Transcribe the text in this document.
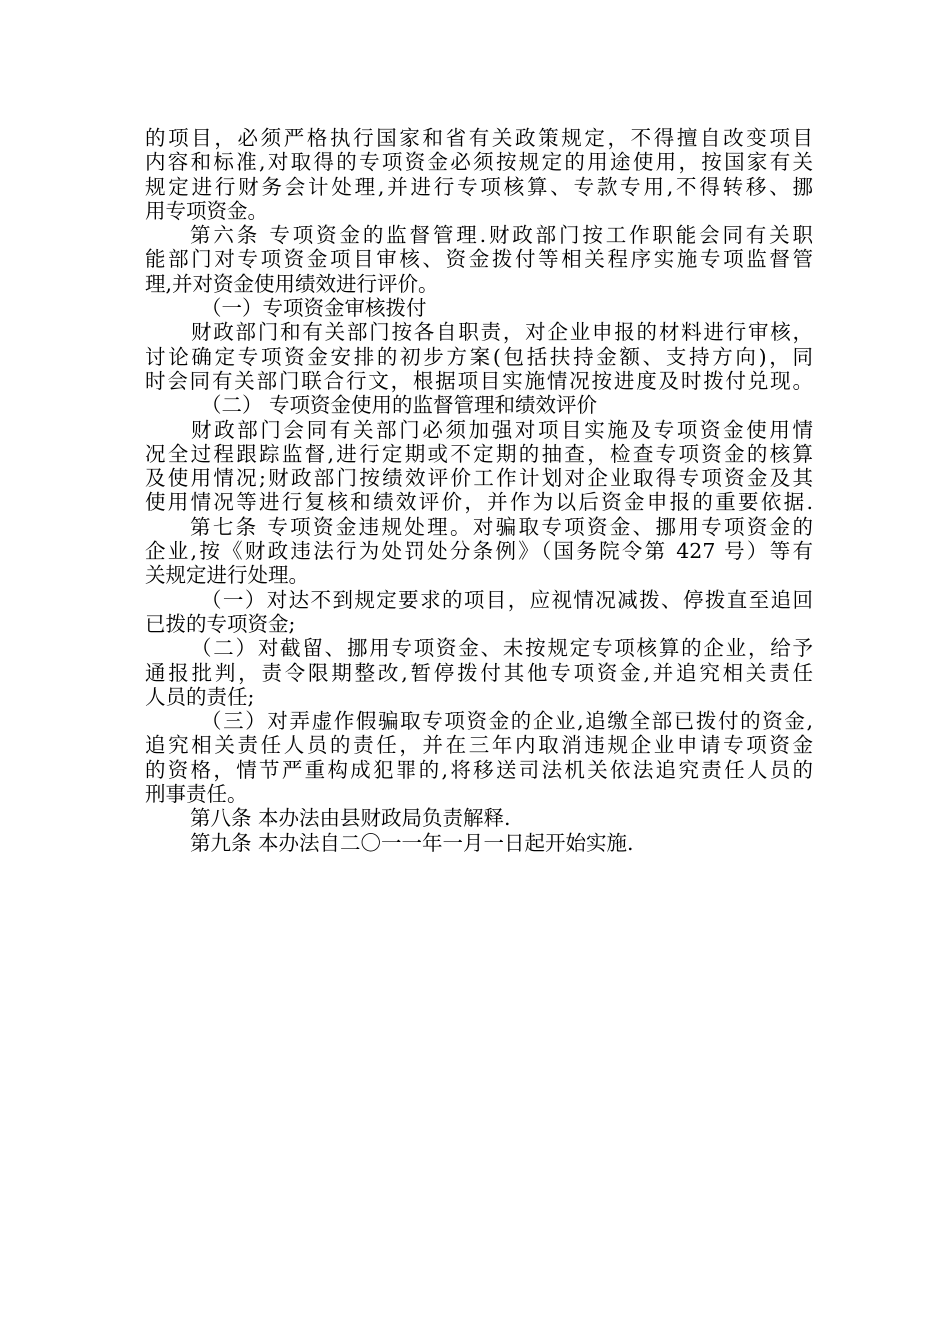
的项目，必须严格执行国家和省有关政策规定，不得擅自改变项目
内容和标准,对取得的专项资金必须按规定的用途使用，按国家有关
规定进行财务会计处理,并进行专项核算、专款专用,不得转移、挪
用专项资金。
第六条 专项资金的监督管理.财政部门按工作职能会同有关职
能部门对专项资金项目审核、资金拨付等相关程序实施专项监督管
理,并对资金使用绩效进行评价。
（一）专项资金审核拨付
财政部门和有关部门按各自职责，对企业申报的材料进行审核，
讨论确定专项资金安排的初步方案(包括扶持金额、支持方向)，同
时会同有关部门联合行文，根据项目实施情况按进度及时拨付兑现。
（二） 专项资金使用的监督管理和绩效评价
财政部门会同有关部门必须加强对项目实施及专项资金使用情
况全过程跟踪监督,进行定期或不定期的抽查，检查专项资金的核算
及使用情况;财政部门按绩效评价工作计划对企业取得专项资金及其
使用情况等进行复核和绩效评价，并作为以后资金申报的重要依据.
第七条 专项资金违规处理。对骗取专项资金、挪用专项资金的
企业,按《财政违法行为处罚处分条例》（国务院令第 427 号）等有
关规定进行处理。
（一）对达不到规定要求的项目，应视情况减拨、停拨直至追回
已拨的专项资金;
（二）对截留、挪用专项资金、未按规定专项核算的企业，给予
通报批判，责令限期整改,暂停拨付其他专项资金,并追究相关责任
人员的责任;
（三）对弄虚作假骗取专项资金的企业,追缴全部已拨付的资金,
追究相关责任人员的责任，并在三年内取消违规企业申请专项资金
的资格，情节严重构成犯罪的,将移送司法机关依法追究责任人员的
刑事责任。
第八条 本办法由县财政局负责解释.
第九条 本办法自二〇一一年一月一日起开始实施.
